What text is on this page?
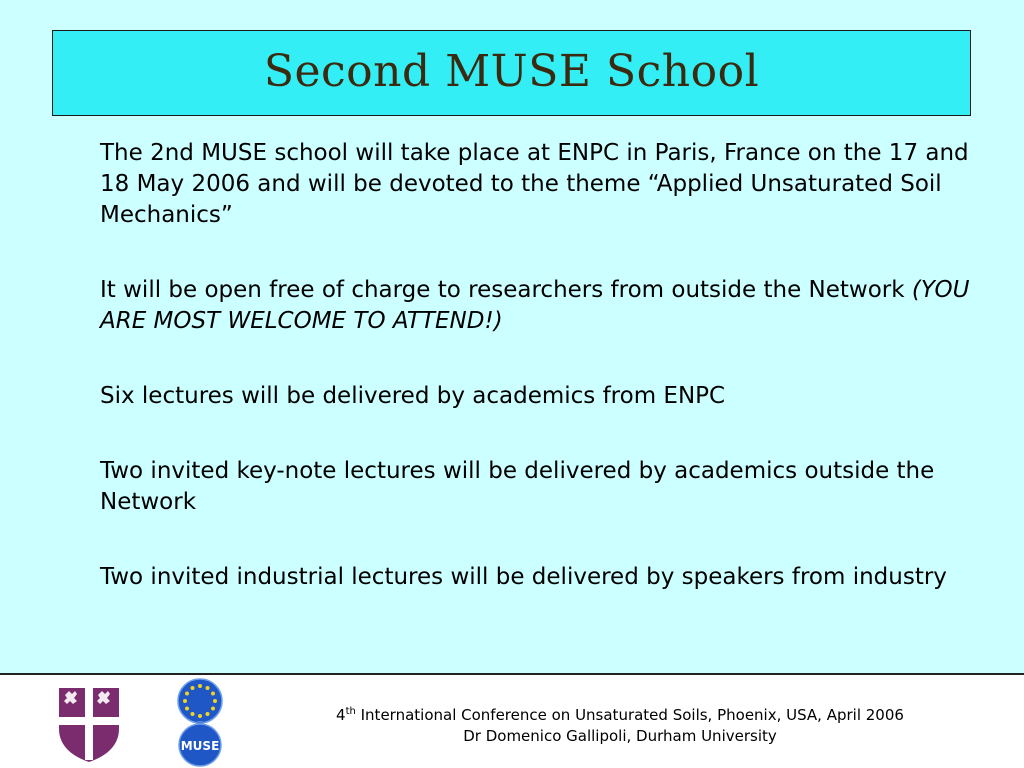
Second MUSE School

The 2nd MUSE school will take place at ENPC in Paris, France on the 17 and 18 May 2006 and will be devoted to the theme “Applied Unsaturated Soil Mechanics”

It will be open free of charge to researchers from outside the Network (YOU ARE MOST WELCOME TO ATTEND!)

Six lectures will be delivered by academics from ENPC

Two invited key-note lectures will be delivered by academics outside the Network

Two invited industrial lectures will be delivered by speakers from industry

MUSE
4th International Conference on Unsaturated Soils, Phoenix, USA, April 2006
Dr Domenico Gallipoli, Durham University
